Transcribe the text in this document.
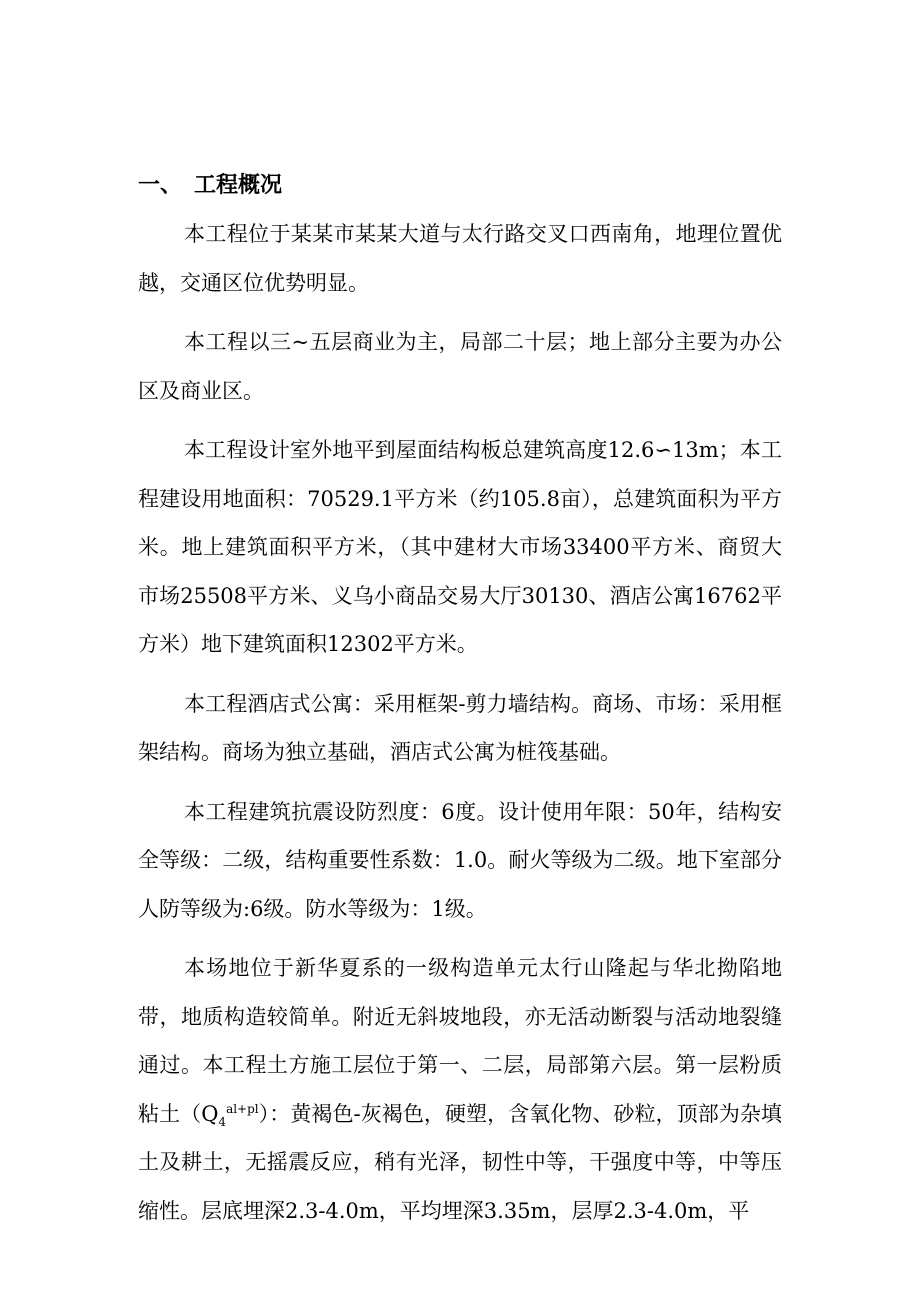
一、 工程概况

本工程位于某某市某某大道与太行路交叉口西南角，地理位置优越，交通区位优势明显。

本工程以三~五层商业为主，局部二十层；地上部分主要为办公区及商业区。

本工程设计室外地平到屋面结构板总建筑高度12.6∽13m；本工程建设用地面积：70529.1平方米（约105.8亩），总建筑面积为平方米。地上建筑面积平方米，（其中建材大市场33400平方米、商贸大市场25508平方米、义乌小商品交易大厅30130、酒店公寓16762平方米）地下建筑面积12302平方米。

本工程酒店式公寓：采用框架-剪力墙结构。商场、市场：采用框架结构。商场为独立基础，酒店式公寓为桩筏基础。

本工程建筑抗震设防烈度：6度。设计使用年限：50年，结构安全等级：二级，结构重要性系数：1.0。耐火等级为二级。地下室部分人防等级为:6级。防水等级为：1级。

本场地位于新华夏系的一级构造单元太行山隆起与华北拗陷地带，地质构造较简单。附近无斜坡地段，亦无活动断裂与活动地裂缝通过。本工程土方施工层位于第一、二层，局部第六层。第一层粉质粘土$(Q_4^{al+pl})$：黄褐色-灰褐色，硬塑，含氧化物、砂粒，顶部为杂填土及耕土，无摇震反应，稍有光泽，韧性中等，干强度中等，中等压缩性。层底埋深2.3-4.0m，平均埋深3.35m，层厚2.3-4.0m，平
